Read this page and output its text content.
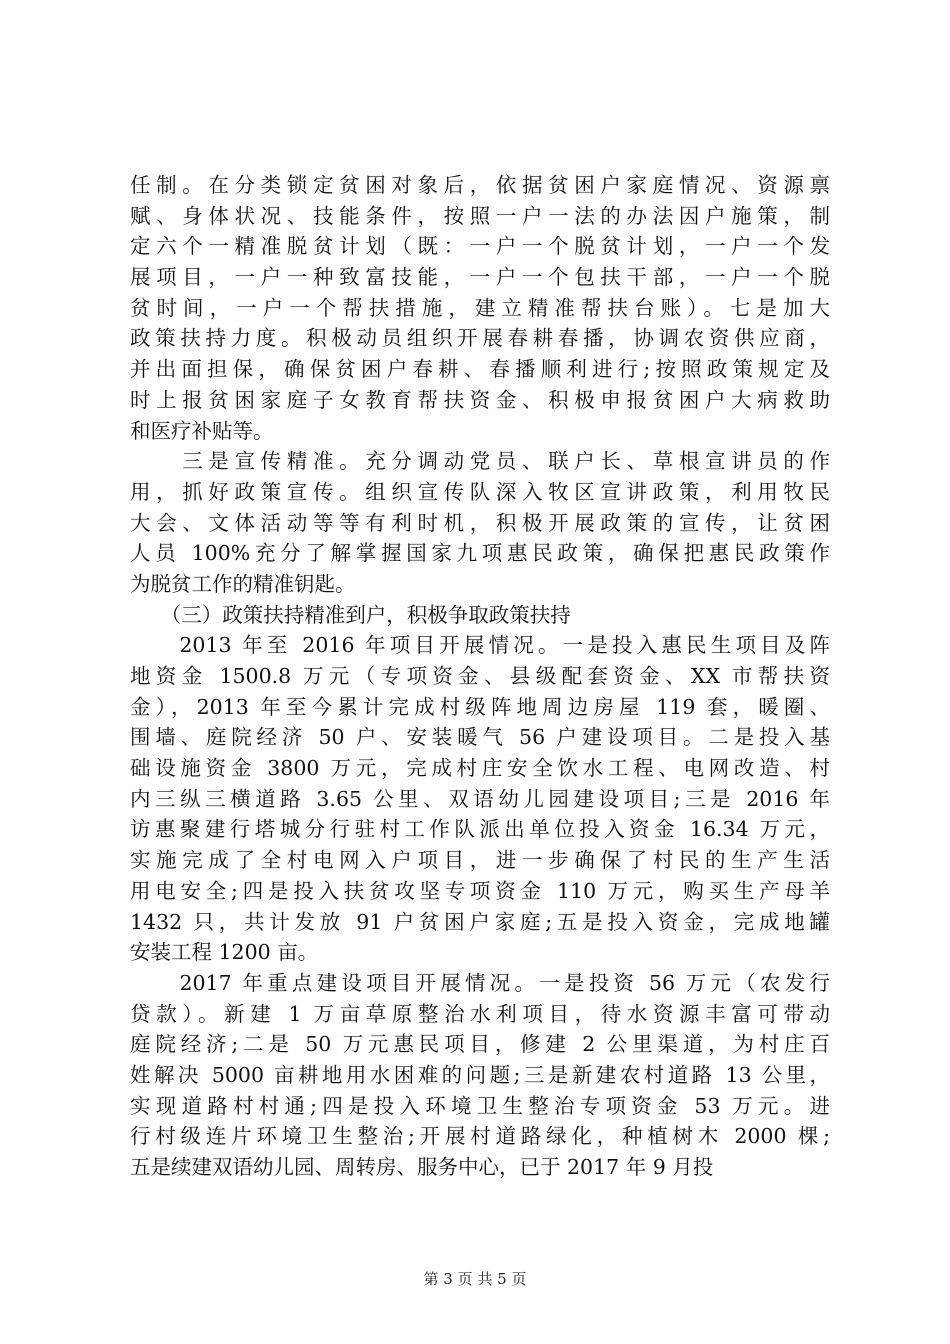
任制。在分类锁定贫困对象后，依据贫困户家庭情况、资源禀
赋、身体状况、技能条件，按照一户一法的办法因户施策，制
定六个一精准脱贫计划（既：一户一个脱贫计划，一户一个发
展项目，一户一种致富技能，一户一个包扶干部，一户一个脱
贫时间，一户一个帮扶措施，建立精准帮扶台账）。七是加大
政策扶持力度。积极动员组织开展春耕春播，协调农资供应商，
并出面担保，确保贫困户春耕、春播顺利进行;按照政策规定及
时上报贫困家庭子女教育帮扶资金、积极申报贫困户大病救助
和医疗补贴等。
　　三是宣传精准。充分调动党员、联户长、草根宣讲员的作
用，抓好政策宣传。组织宣传队深入牧区宣讲政策，利用牧民
大会、文体活动等等有利时机，积极开展政策的宣传，让贫困
人员 100%充分了解掌握国家九项惠民政策，确保把惠民政策作
为脱贫工作的精准钥匙。
　　（三）政策扶持精准到户，积极争取政策扶持
　　2013 年至 2016 年项目开展情况。一是投入惠民生项目及阵
地资金 1500.8 万元（专项资金、县级配套资金、XX 市帮扶资
金），2013 年至今累计完成村级阵地周边房屋 119 套，暖圈、
围墙、庭院经济 50 户、安装暖气 56 户建设项目。二是投入基
础设施资金 3800 万元，完成村庄安全饮水工程、电网改造、村
内三纵三横道路 3.65 公里、双语幼儿园建设项目;三是 2016 年
访惠聚建行塔城分行驻村工作队派出单位投入资金 16.34 万元，
实施完成了全村电网入户项目，进一步确保了村民的生产生活
用电安全;四是投入扶贫攻坚专项资金 110 万元，购买生产母羊
1432 只，共计发放 91 户贫困户家庭;五是投入资金，完成地罐
安装工程 1200 亩。
　　2017 年重点建设项目开展情况。一是投资 56 万元（农发行
贷款）。新建 1 万亩草原整治水利项目，待水资源丰富可带动
庭院经济;二是 50 万元惠民项目，修建 2 公里渠道，为村庄百
姓解决 5000 亩耕地用水困难的问题;三是新建农村道路 13 公里，
实现道路村村通;四是投入环境卫生整治专项资金 53 万元。进
行村级连片环境卫生整治;开展村道路绿化，种植树木 2000 棵;
五是续建双语幼儿园、周转房、服务中心，已于 2017 年 9 月投
第 3 页 共 5 页
